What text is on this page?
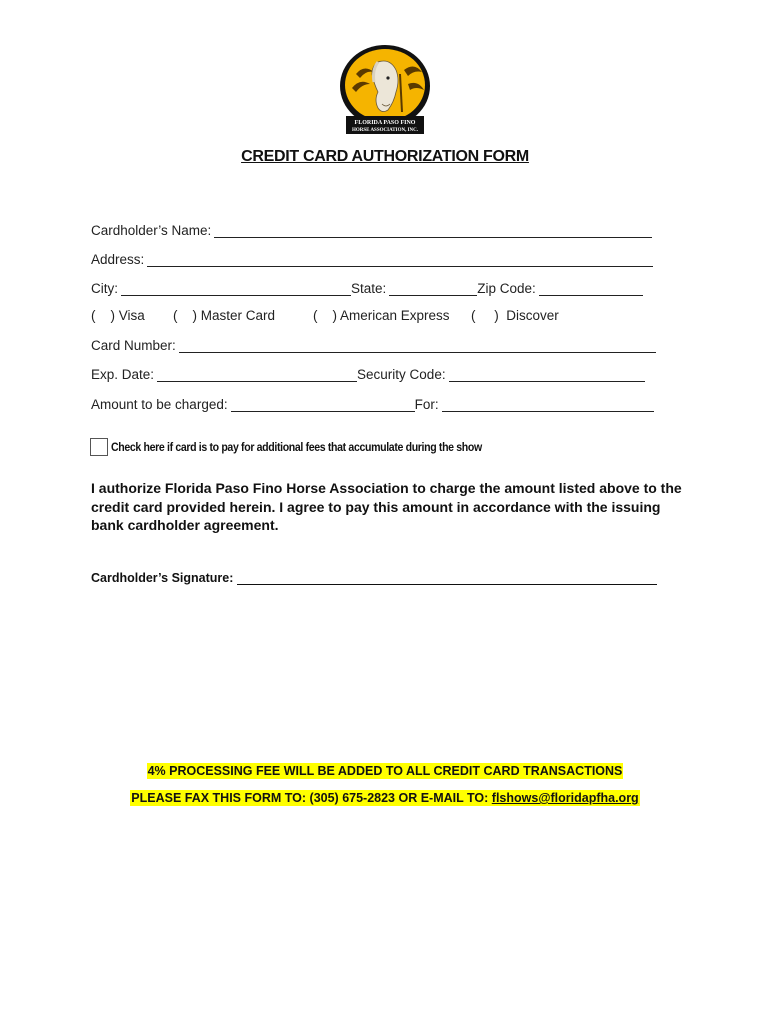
FLORIDA PASO FINO
HORSE ASSOCIATION, INC.
CREDIT CARD AUTHORIZATION FORM
Cardholder’s Name:
Address:
City:	State:	Zip Code:
(    ) Visa (    ) Master Card	(    ) American Express (     )  Discover
Card Number:
Exp. Date:	Security Code:
Amount to be charged:	For:
Check here if card is to pay for additional fees that accumulate during the show
I authorize Florida Paso Fino Horse Association to charge the amount listed above to the credit card provided herein. I agree to pay this amount in accordance with the issuing bank cardholder agreement.
Cardholder’s Signature:
4% PROCESSING FEE WILL BE ADDED TO ALL CREDIT CARD TRANSACTIONS
PLEASE FAX THIS FORM TO: (305) 675-2823 OR E-MAIL TO: flshows@floridapfha.org
